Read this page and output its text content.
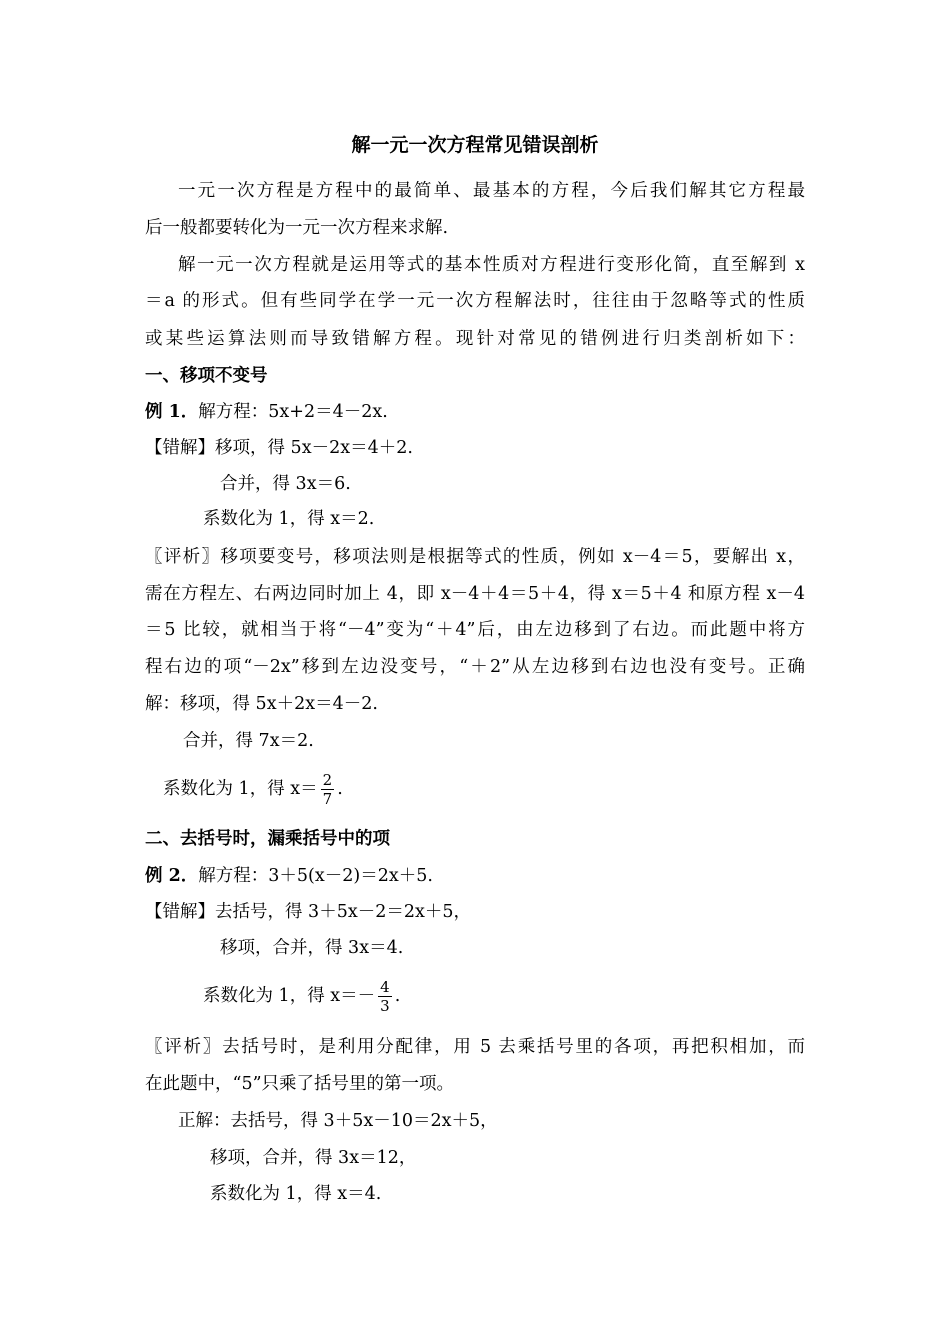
解一元一次方程常见错误剖析
一元一次方程是方程中的最简单、最基本的方程，今后我们解其它方程最
后一般都要转化为一元一次方程来求解.
解一元一次方程就是运用等式的基本性质对方程进行变形化简，直至解到 x
＝a 的形式。但有些同学在学一元一次方程解法时，往往由于忽略等式的性质
或某些运算法则而导致错解方程。现针对常见的错例进行归类剖析如下：
一、移项不变号
例 1．解方程：5x+2＝4－2x.
【错解】移项，得 5x－2x＝4＋2.
合并，得 3x＝6.
系数化为 1，得 x＝2.
〖评析〗移项要变号，移项法则是根据等式的性质，例如 x－4＝5，要解出 x，
需在方程左、右两边同时加上 4，即 x－4＋4＝5＋4，得 x＝5＋4 和原方程 x－4
＝5 比较，就相当于将“－4”变为“＋4”后，由左边移到了右边。而此题中将方
程右边的项“－2x”移到左边没变号，“＋2”从左边移到右边也没有变号。正确
解：移项，得 5x＋2x＝4－2.
合并，得 7x＝2.
系数化为 1，得 $x= \frac{2}{7}$ .
二、去括号时，漏乘括号中的项
例 2．解方程：3＋5(x－2)＝2x＋5.
【错解】去括号，得 3＋5x－2＝2x＋5，
移项，合并，得 3x＝4.
系数化为 1，得 $x=- \frac{4}{3}$ .
〖评析〗去括号时，是利用分配律，用 5 去乘括号里的各项，再把积相加，而
在此题中，“5”只乘了括号里的第一项。
正解：去括号，得 3＋5x－10＝2x＋5，
移项，合并，得 3x＝12，
系数化为 1，得 x＝4.
